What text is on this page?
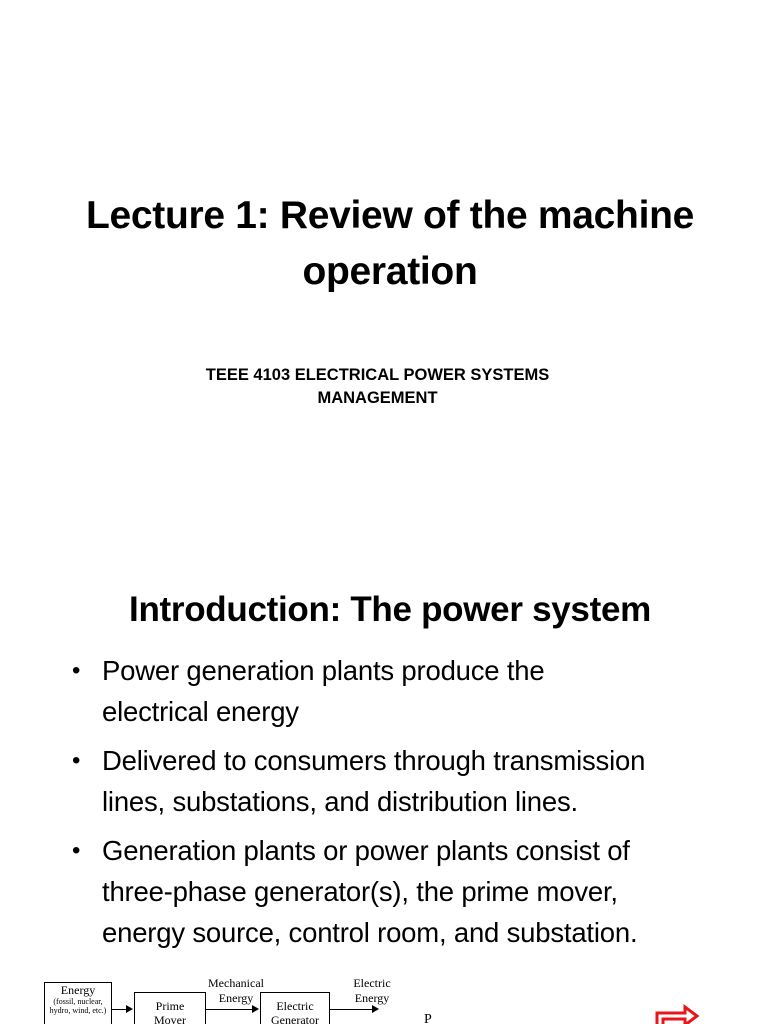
Lecture 1: Review of the machine
operation
TEEE 4103 ELECTRICAL POWER SYSTEMS
MANAGEMENT
Introduction: The power system
• Power generation plants produce the
electrical energy
• Delivered to consumers through transmission
lines, substations, and distribution lines.
• Generation plants or power plants consist of
three-phase generator(s), the prime mover,
energy source, control room, and substation.
Energy
(fossil, nuclear,
hydro, wind, etc.)	Prime
Mover
Mechanical
Energy
Electric
Generator
Electric
Energy
P
